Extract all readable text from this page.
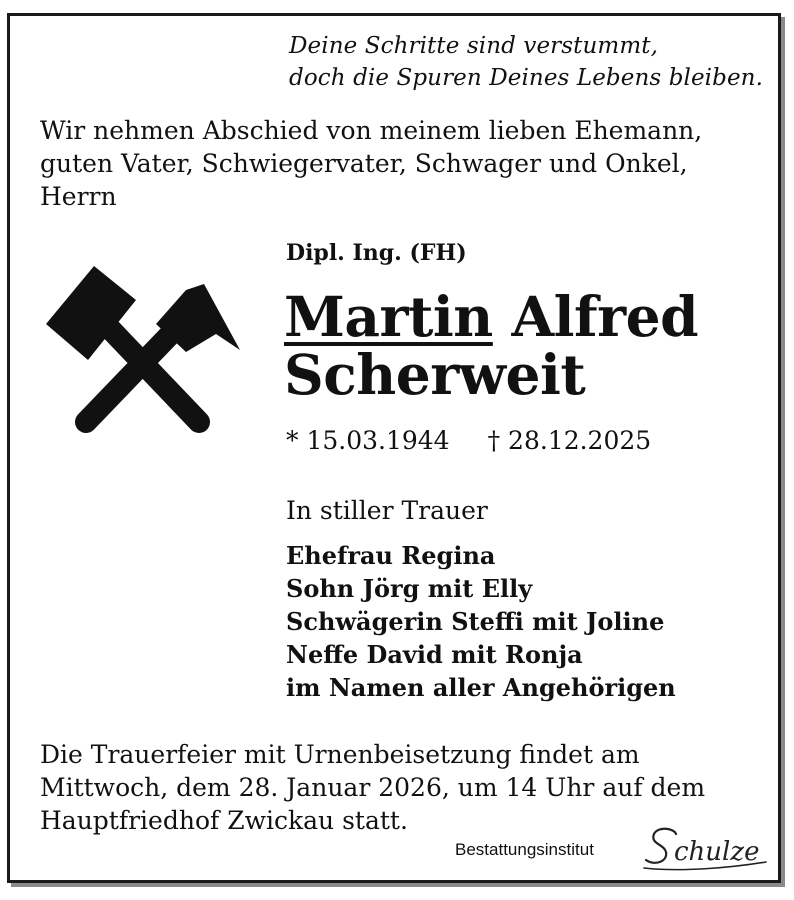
Deine Schritte sind verstummt,
doch die Spuren Deines Lebens bleiben.
Wir nehmen Abschied von meinem lieben Ehemann,
guten Vater, Schwiegervater, Schwager und Onkel,
Herrn
Dipl. Ing. (FH)
Martin Alfred
Scherweit
* 15.03.1944 † 28.12.2025
In stiller Trauer
Ehefrau Regina
Sohn Jörg mit Elly
Schwägerin Steffi mit Joline
Neffe David mit Ronja
im Namen aller Angehörigen
Die Trauerfeier mit Urnenbeisetzung findet am
Mittwoch, dem 28. Januar 2026, um 14 Uhr auf dem
Hauptfriedhof Zwickau statt.
Bestattungsinstitut	chulze
